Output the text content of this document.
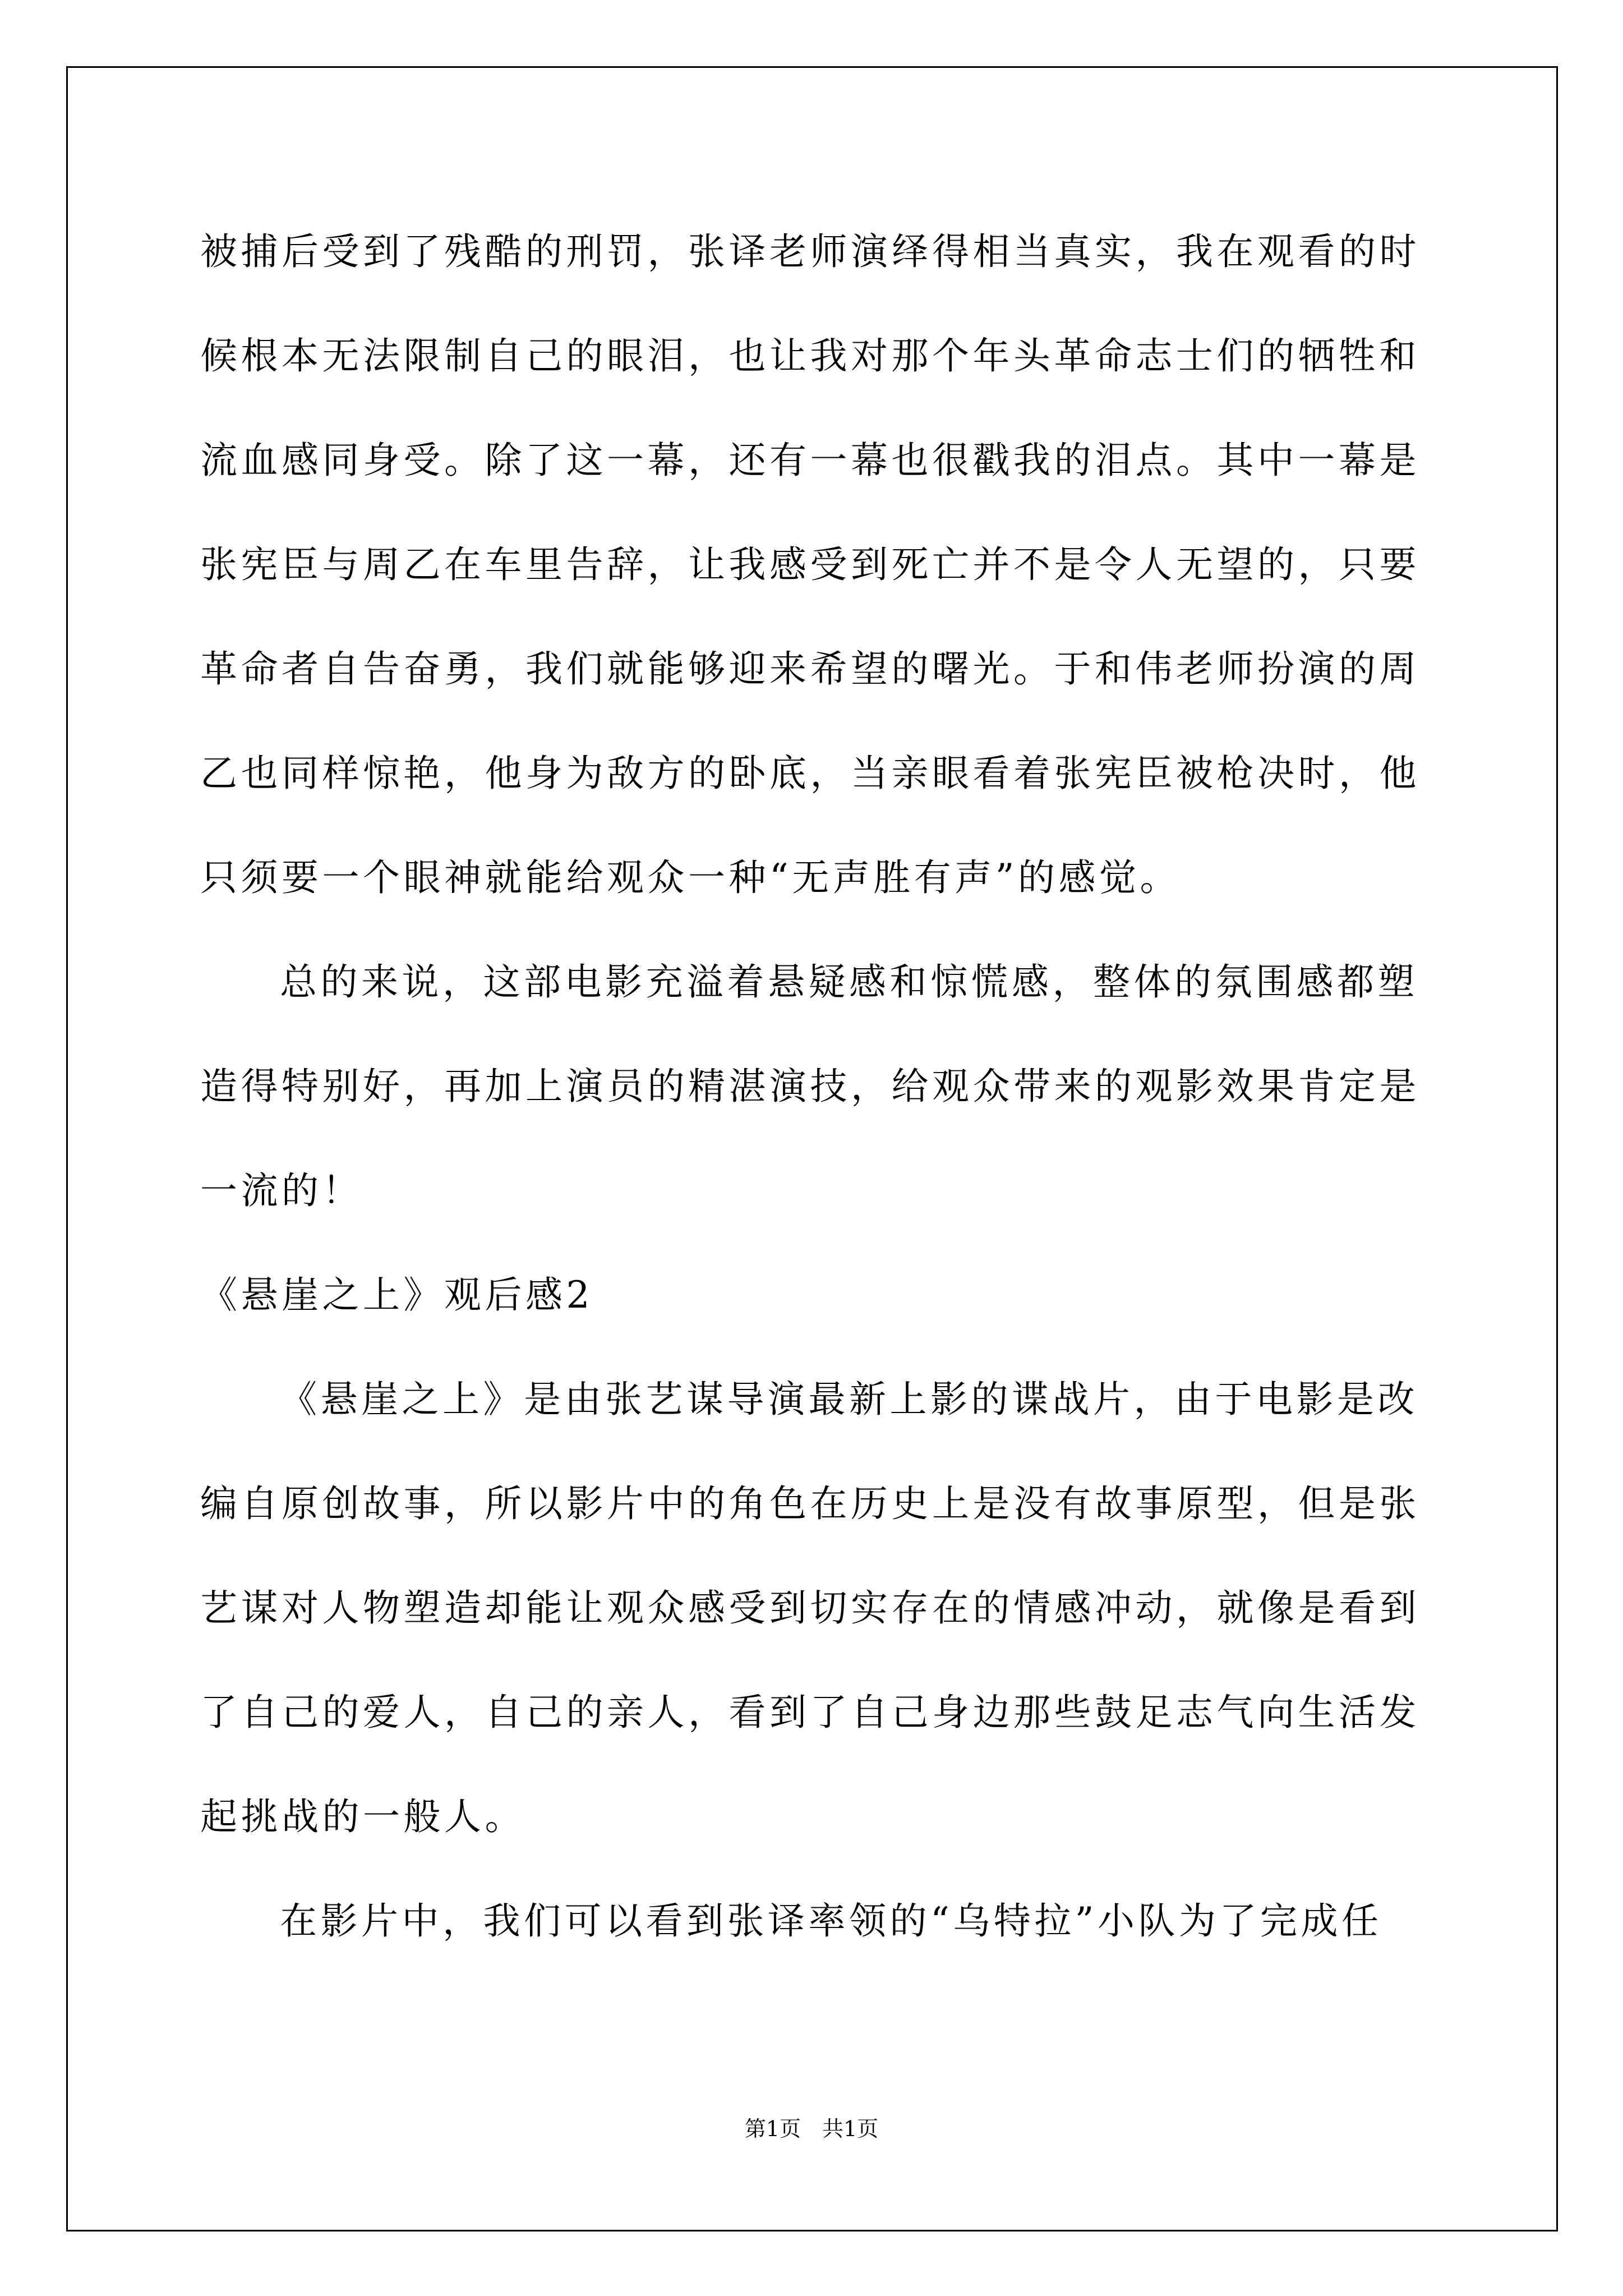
被捕后受到了残酷的刑罚，张译老师演绎得相当真实，我在观看的时
候根本无法限制自己的眼泪，也让我对那个年头革命志士们的牺牲和
流血感同身受。除了这一幕，还有一幕也很戳我的泪点。其中一幕是
张宪臣与周乙在车里告辞，让我感受到死亡并不是令人无望的，只要
革命者自告奋勇，我们就能够迎来希望的曙光。于和伟老师扮演的周
乙也同样惊艳，他身为敌方的卧底，当亲眼看着张宪臣被枪决时，他
只须要一个眼神就能给观众一种“无声胜有声”的感觉。
总的来说，这部电影充溢着悬疑感和惊慌感，整体的氛围感都塑
造得特别好，再加上演员的精湛演技，给观众带来的观影效果肯定是
一流的！
《悬崖之上》观后感2
《悬崖之上》是由张艺谋导演最新上影的谍战片，由于电影是改
编自原创故事，所以影片中的角色在历史上是没有故事原型，但是张
艺谋对人物塑造却能让观众感受到切实存在的情感冲动，就像是看到
了自己的爱人，自己的亲人，看到了自己身边那些鼓足志气向生活发
起挑战的一般人。
在影片中，我们可以看到张译率领的“乌特拉”小队为了完成任
第1页　共1页
